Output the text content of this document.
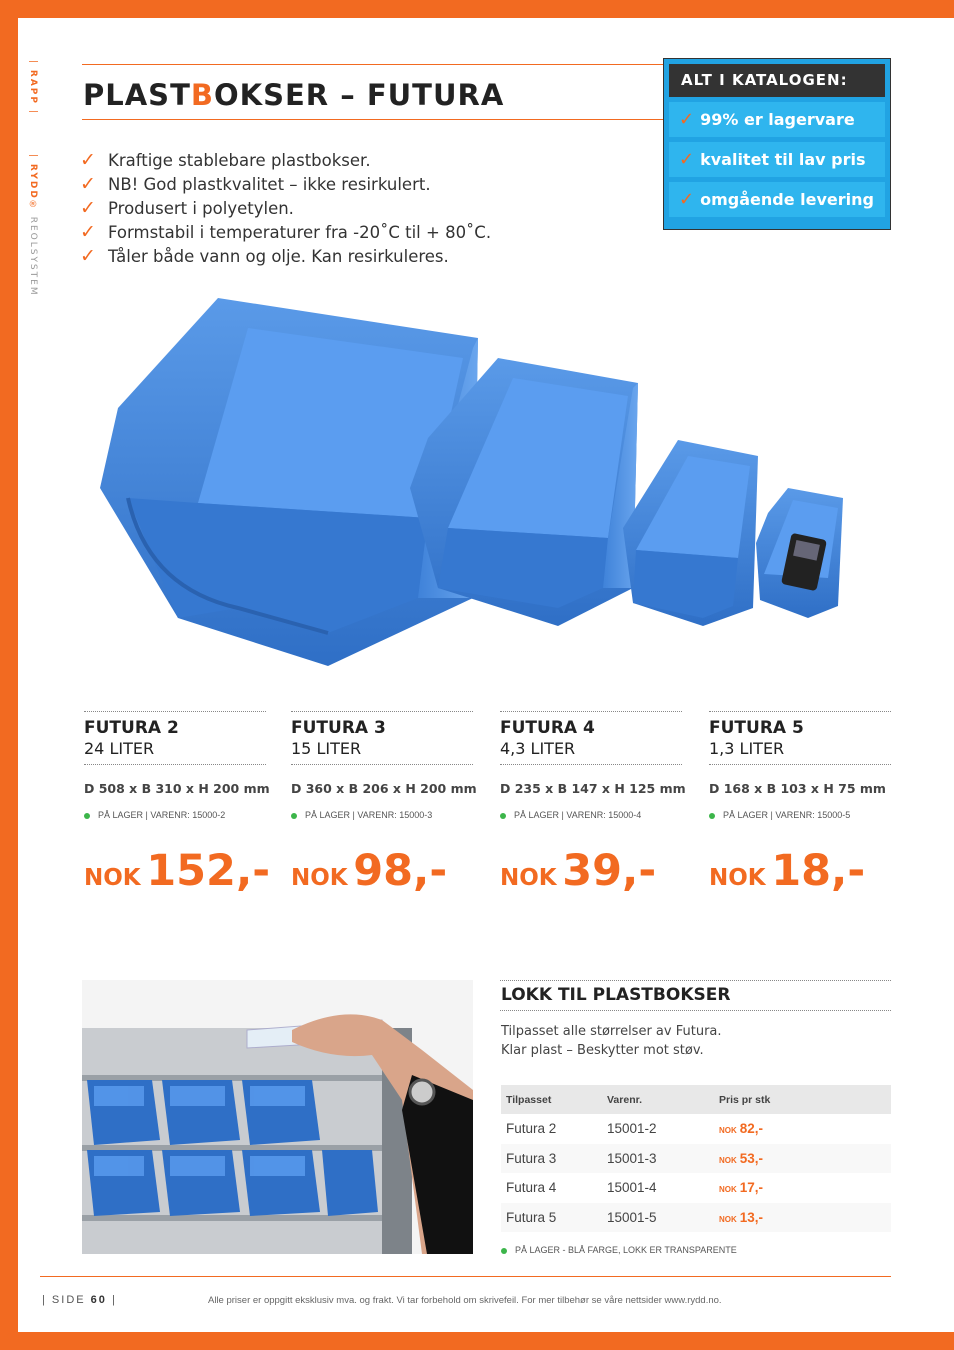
| RAPP |
| RYDD® REOLSYSTEM
PLASTBOKSER – FUTURA
✓ Kraftige stablebare plastbokser.
✓ NB! God plastkvalitet – ikke resirkulert.
✓ Produsert i polyetylen.
✓ Formstabil i temperaturer fra -20˚C til + 80˚C.
✓ Tåler både vann og olje. Kan resirkuleres.
ALT I KATALOGEN:
✓ 99% er lagervare
✓ kvalitet til lav pris
✓ omgående levering
FUTURA 2
24 LITER
D 508 x B 310 x H 200 mm
PÅ LAGER | VARENR: 15000-2
NOK 152,-
FUTURA 3
15 LITER
D 360 x B 206 x H 200 mm
PÅ LAGER | VARENR: 15000-3
NOK 98,-
FUTURA 4
4,3 LITER
D 235 x B 147 x H 125 mm
PÅ LAGER | VARENR: 15000-4
NOK 39,-
FUTURA 5
1,3 LITER
D 168 x B 103 x H 75 mm
PÅ LAGER | VARENR: 15000-5
NOK 18,-
LOKK TIL PLASTBOKSER
Tilpasset alle størrelser av Futura.
Klar plast – Beskytter mot støv.
Tilpasset	Varenr.	Pris pr stk
Futura 2	15001-2	NOK 82,-
Futura 3	15001-3	NOK 53,-
Futura 4	15001-4	NOK 17,-
Futura 5	15001-5	NOK 13,-
PÅ LAGER - BLÅ FARGE, LOKK ER TRANSPARENTE
| SIDE 60 |	Alle priser er oppgitt eksklusiv mva. og frakt. Vi tar forbehold om skrivefeil. For mer tilbehør se våre nettsider www.rydd.no.
